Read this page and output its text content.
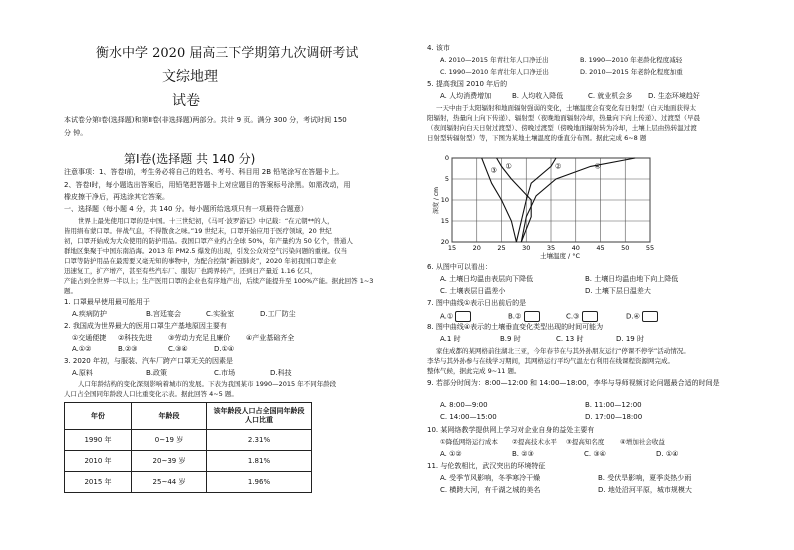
衡水中学 2020 届高三下学期第九次调研考试
文综地理
试卷
本试卷分第Ⅰ卷(选择题)和第Ⅱ卷(非选择题)两部分。共计 9 页。满分 300 分，考试时间 150
分 钟。
第Ⅰ卷(选择题 共 140 分)
注意事项：1、答卷Ⅰ前，考生务必将自己的姓名、考号、科目用 2B 铅笔涂写在答题卡上。
2、答卷Ⅰ时，每小题选出答案后，用铅笔把答题卡上对应题目的答案标号涂黑。如需改动，用
橡皮擦干净后，再选涂其它答案。
一、选择题（每小题 4 分，共 140 分。每小题所给选项只有一项最符合题意）
世界上最先使用口罩的是中国。十三世纪初，《马可·波罗游记》中记载：“在元朝**的人，
皆用绢布蒙口罩。伴战气息，不得散食之味。”19 世纪末，口罩开始应用于医疗领域，20 世纪
初，口罩开始成为大众使用的防护用品。我国口罩产业约占全球 50%，年产量约为 50 亿个，普通人
群地区集聚于中国东南沿海。2013 年 PM2.5 爆发的出现，引发公众对空气污染问题的重视。仅当
口罩等防护用品在最需要又毫无知的事物中，为配合控制“新冠肺炎”，2020 年初我国口罩企业
迅速复工，扩产增产，甚至有些汽车厂、服装厂也跨界转产，还到日产量近 1.16 亿只，
产能占到全世界一半以上；生产医用口罩的企业也有序地产出，后续产能提升至 100%产能。据此回答 1~3
题。
1. 口罩最早使用最可能用于
A.疾病防护	B.宫廷宴会	C.实验室	D.工厂防尘
2. 我国成为世界最大的医用口罩生产基地原因主要有
①交通便捷 ②科技先进 ③劳动力充足且廉价 ④产业基础齐全
A.①②	B.②③	C.③④	D.①④
3. 2020 年初，与服装、汽车厂跨产口罩无关的因素是
A.原料	B.政策	C.市场	D.科技
人口年龄结构的变化深刻影响着城市的发展。下表为我国某市 1990—2015 年不同年龄段
人口占全国同年龄段人口比重变化示表。据此回答 4~5 题。
年份	年龄段	该年龄段人口占全国同年龄段人口比重
1990 年	0~19 岁	2.31%
2010 年	20~39 岁	1.81%
2015 年	25~44 岁	1.96%
4. 该市
A. 2010—2015 年青壮年人口净迁出	B. 1990—2010 年老龄化程度减轻
C. 1990—2010 年青壮年人口净迁出	D. 2010—2015 年老龄化程度加重
5. 提高我国 2010 年后的
A. 人均消费增加	B. 人均收入降低	C. 就业机会多 D. 生态环境趋好
一天中由于太阳辐射和地面辐射强弱的变化，土壤温度会有变化有日射型（白天地面获得太
阳辐射，热量向上向下传递）、辐射型（夜晚地面辐射冷却，热量向下向上传递）、过渡型（早晨
（夜间辐射向白天日射过渡型）、傍晚过渡型（傍晚地面辐射转为冷却，土壤上层由热转温过渡
日射型转辐射型）等，下图为某地土壤温度的垂直分布图。据此完成 6~8 题
①	②
③
④
15	20	25	30	35	40	45	50	55
0
5
10
15
20
深度 / cm
土壤温度 / °C
6. 从图中可以看出：
A. 土壤日均温由表层向下降低	B. 土壤日均温由地下向上降低
C. 土壤表层日温差小	D. 土壤下层日温差大
7. 图中曲线①表示日出前后的是
A.①	B.②	C.③	D.④
8. 图中曲线④表示的土壤垂直变化类型出现的时间可能为
A.1 时	B.9 时	C. 13 时	D. 19 时
家住成都的某网格前往湖北三亚，今年春节在与其外孙朋友运行“停课不停学”活动情况。
李华与其外孙参与在线学习期间，其网格运行平均气温左右利用在线课程资源网完成。
整体气候，据此完成 9~11 题。
9. 若部分时间为：8:00—12:00 和 14:00—18:00，李华与导师视频讨论问题最合适的时间是
A. 8:00—9:00	B. 11:00—12:00
C. 14:00—15:00	D. 17:00—18:00
10. 某网络教学提供网上学习对企业自身的益处主要有
①降低网络运行成本 ②提高技术水平 ③提高知名度 ④增加社会收益
A. ①②	B. ②③	C. ③④	D. ①④
11. 与伦敦相比，武汉突出的环境特征
A. 受季节风影响，冬季寒冷干燥	B. 受伏旱影响，夏季炎热少雨
C. 横跨大河，有千湖之城的美名	D. 地处沿河平原，城市规模大
